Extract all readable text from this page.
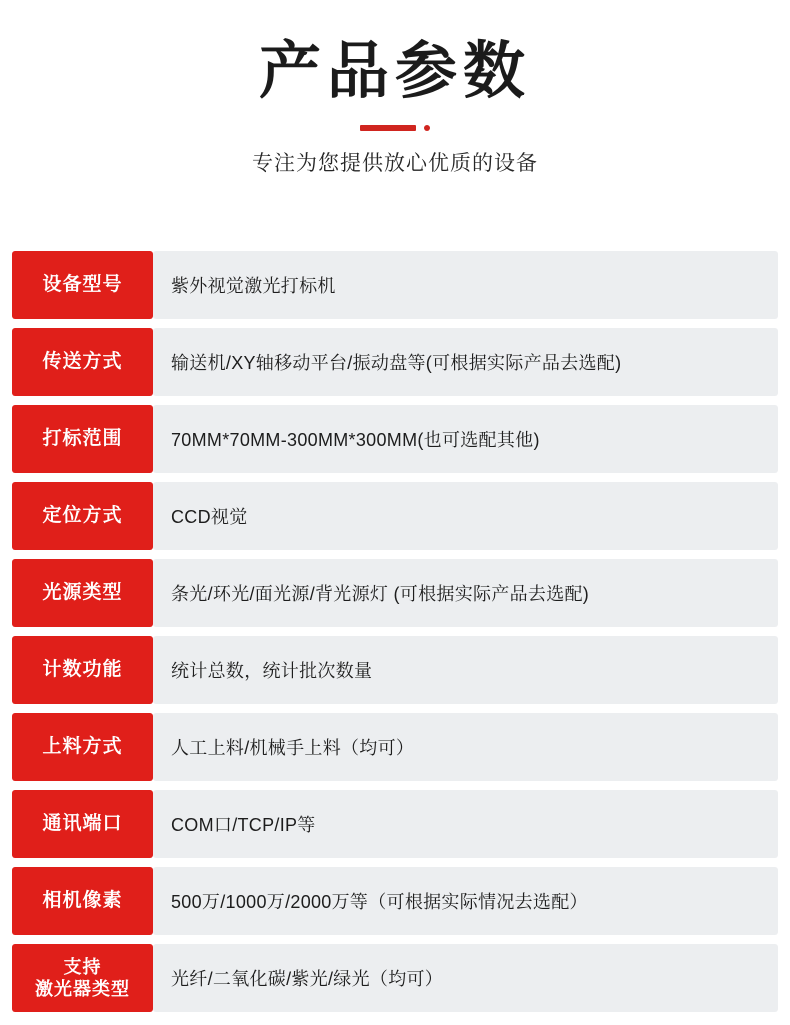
产品参数

专注为您提供放心优质的设备

设备型号	紫外视觉激光打标机
传送方式	输送机/XY轴移动平台/振动盘等(可根据实际产品去选配)
打标范围	70MM*70MM-300MM*300MM(也可选配其他)
定位方式	CCD视觉
光源类型	条光/环光/面光源/背光源灯 (可根据实际产品去选配)
计数功能	统计总数，统计批次数量
上料方式	人工上料/机械手上料（均可）
通讯端口	COM口/TCP/IP等
相机像素	500万/1000万/2000万等（可根据实际情况去选配）
支持
激光器类型	光纤/二氧化碳/紫光/绿光（均可）
